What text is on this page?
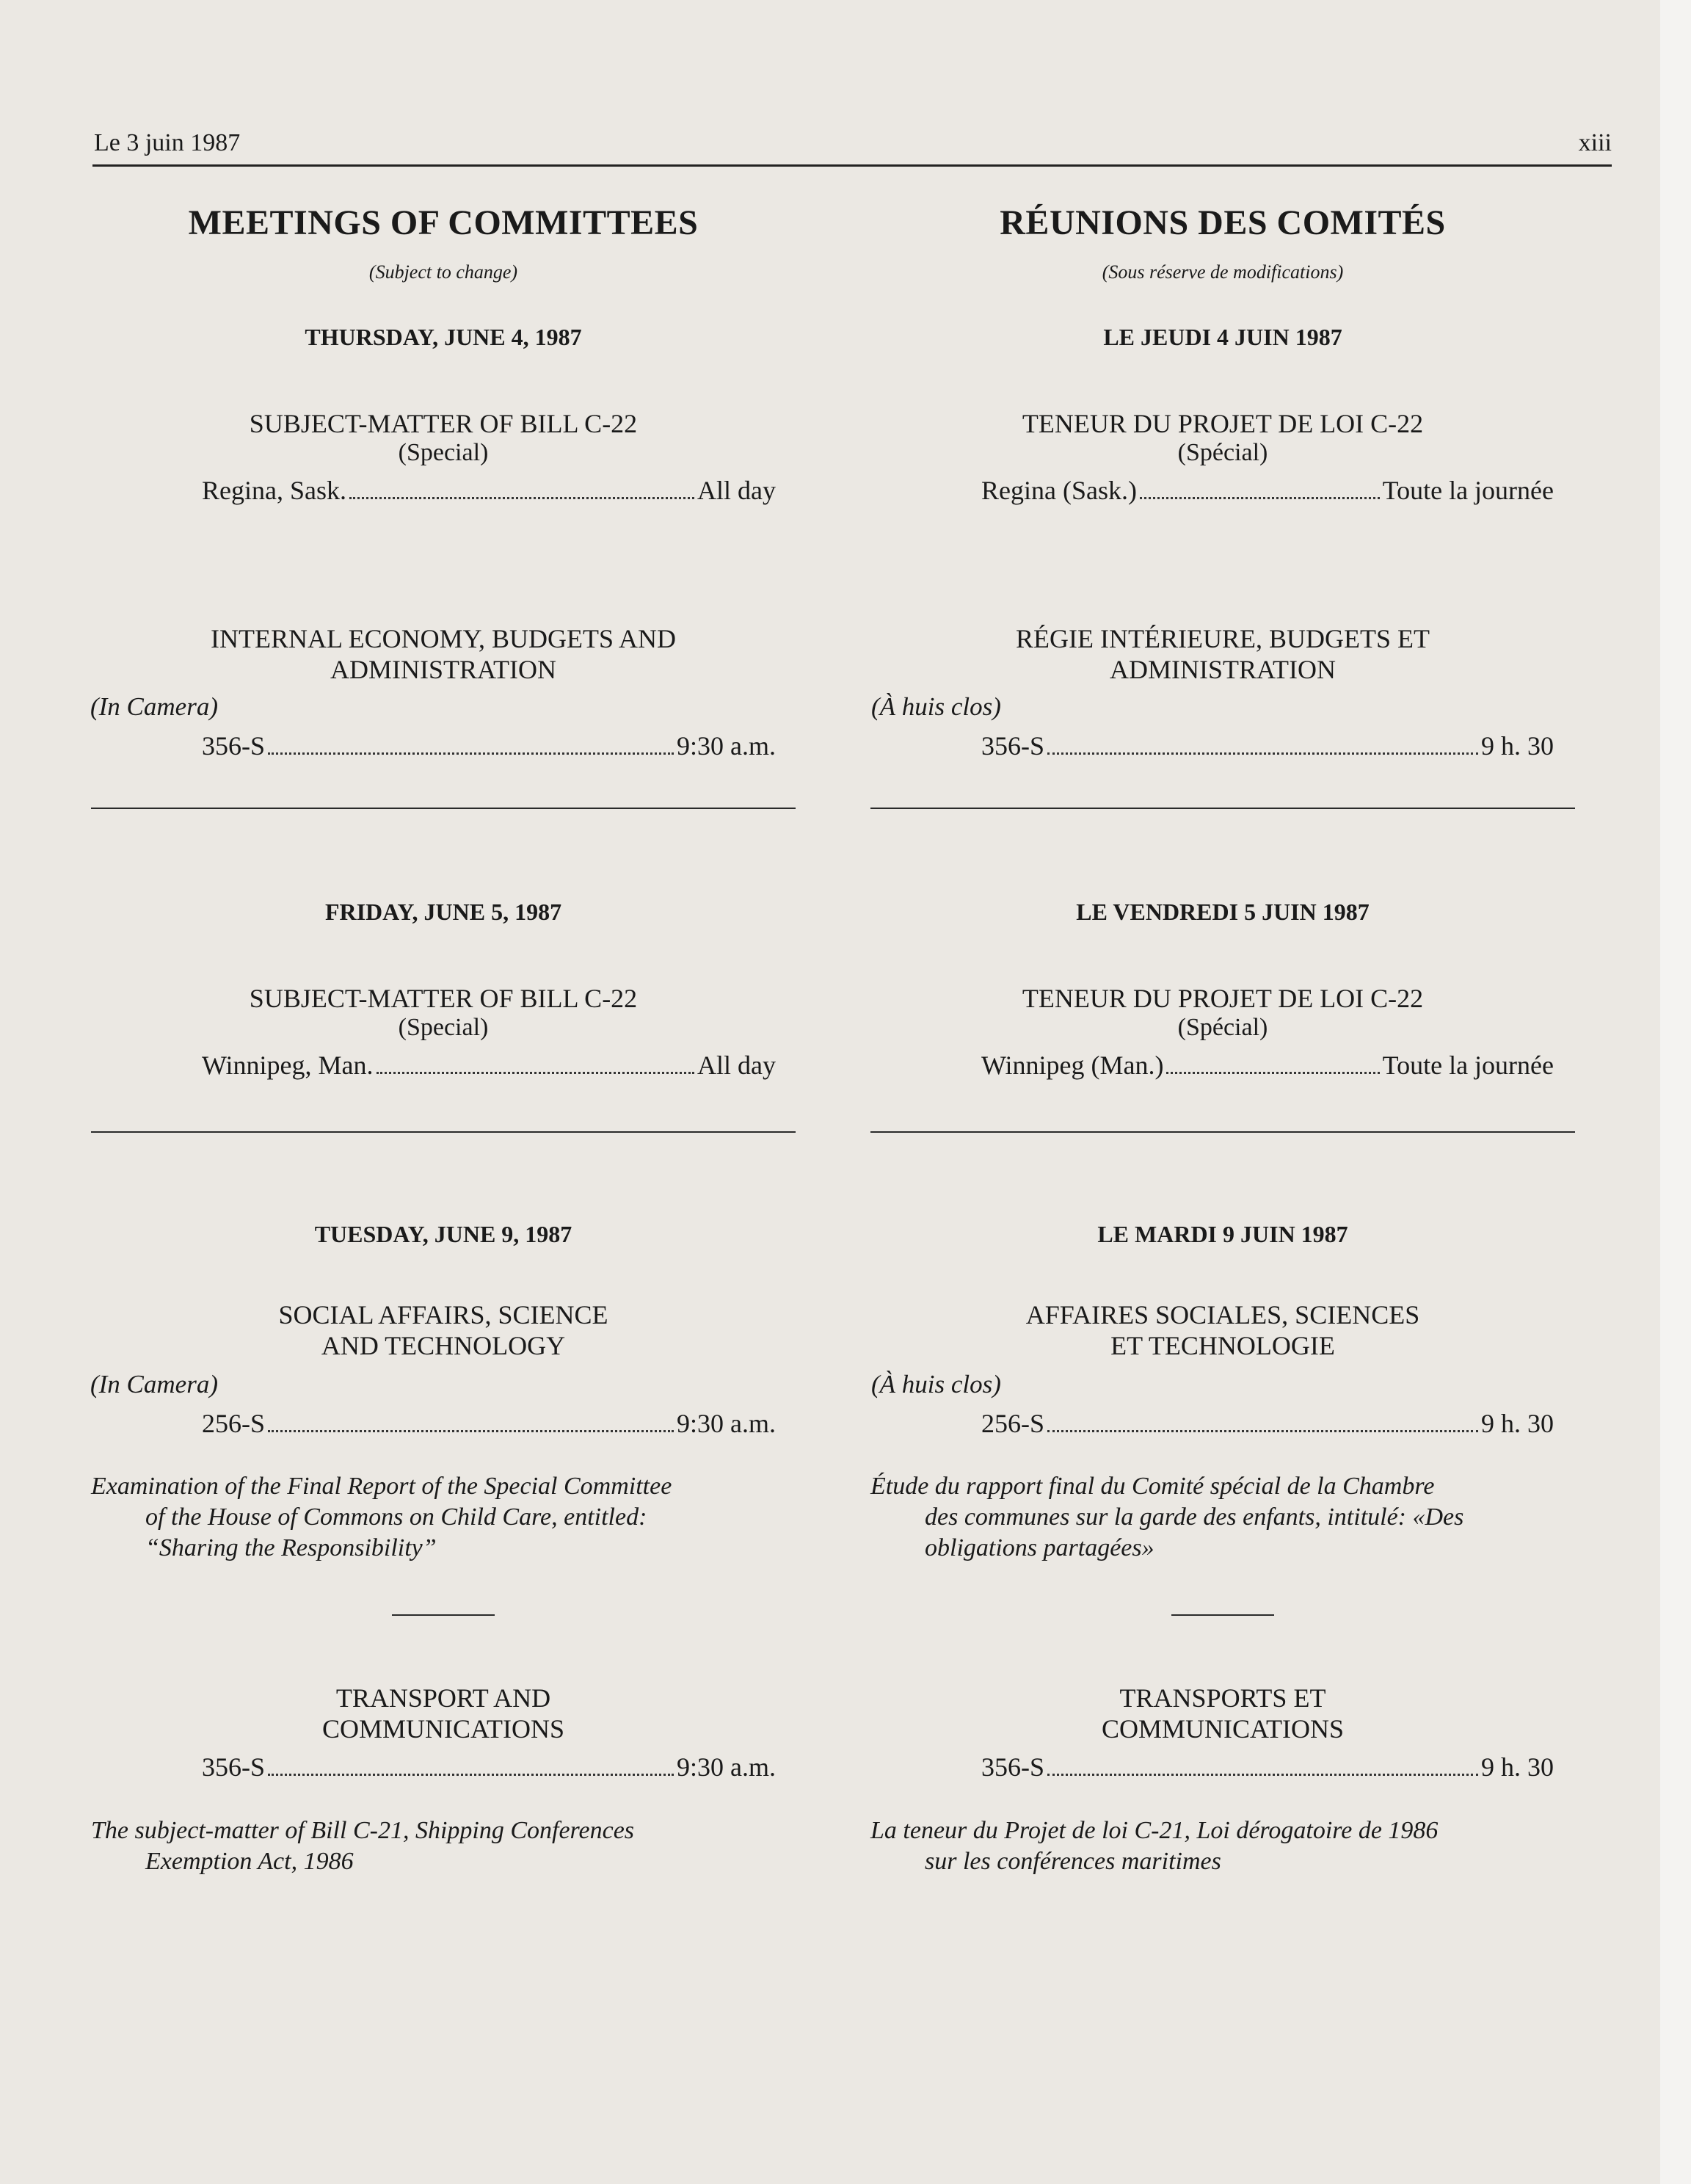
Le 3 juin 1987	xiii
MEETINGS OF COMMITTEES
(Subject to change)
THURSDAY, JUNE 4, 1987
SUBJECT-MATTER OF BILL C-22
(Special)
Regina, Sask.	All day
INTERNAL ECONOMY, BUDGETS AND
ADMINISTRATION
(In Camera)
356-S	9:30 a.m.
FRIDAY, JUNE 5, 1987
SUBJECT-MATTER OF BILL C-22
(Special)
Winnipeg, Man.	All day
TUESDAY, JUNE 9, 1987
SOCIAL AFFAIRS, SCIENCE
AND TECHNOLOGY
(In Camera)
256-S	9:30 a.m.
Examination of the Final Report of the Special Committee
of the House of Commons on Child Care, entitled:
“Sharing the Responsibility”
TRANSPORT AND
COMMUNICATIONS
356-S	9:30 a.m.
The subject-matter of Bill C-21, Shipping Conferences
Exemption Act, 1986
RÉUNIONS DES COMITÉS
(Sous réserve de modifications)
LE JEUDI 4 JUIN 1987
TENEUR DU PROJET DE LOI C-22
(Spécial)
Regina (Sask.)	Toute la journée
RÉGIE INTÉRIEURE, BUDGETS ET
ADMINISTRATION
(À huis clos)
356-S	9 h. 30
LE VENDREDI 5 JUIN 1987
TENEUR DU PROJET DE LOI C-22
(Spécial)
Winnipeg (Man.)	Toute la journée
LE MARDI 9 JUIN 1987
AFFAIRES SOCIALES, SCIENCES
ET TECHNOLOGIE
(À huis clos)
256-S	9 h. 30
Étude du rapport final du Comité spécial de la Chambre
des communes sur la garde des enfants, intitulé: «Des
obligations partagées»
TRANSPORTS ET
COMMUNICATIONS
356-S	9 h. 30
La teneur du Projet de loi C-21, Loi dérogatoire de 1986
sur les conférences maritimes
